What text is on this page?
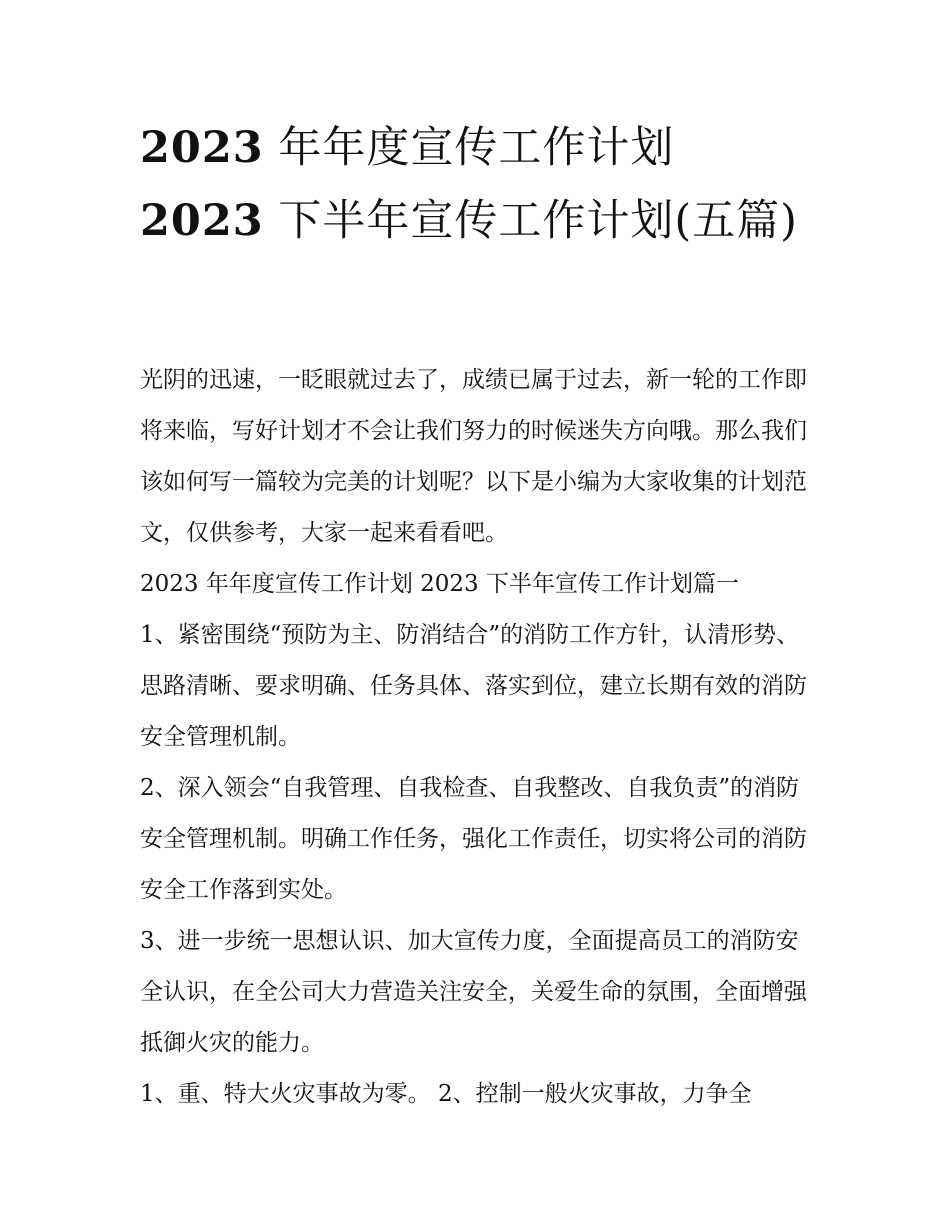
2023 年年度宣传工作计划
2023 下半年宣传工作计划(五篇)

光阴的迅速，一眨眼就过去了，成绩已属于过去，新一轮的工作即将来临，写好计划才不会让我们努力的时候迷失方向哦。那么我们该如何写一篇较为完美的计划呢？以下是小编为大家收集的计划范文，仅供参考，大家一起来看看吧。

2023 年年度宣传工作计划 2023 下半年宣传工作计划篇一

1、紧密围绕“预防为主、防消结合”的消防工作方针，认清形势、思路清晰、要求明确、任务具体、落实到位，建立长期有效的消防安全管理机制。

2、深入领会“自我管理、自我检查、自我整改、自我负责”的消防安全管理机制。明确工作任务，强化工作责任，切实将公司的消防安全工作落到实处。

3、进一步统一思想认识、加大宣传力度，全面提高员工的消防安全认识，在全公司大力营造关注安全，关爱生命的氛围，全面增强抵御火灾的能力。

1、重、特大火灾事故为零。 2、控制一般火灾事故，力争全
